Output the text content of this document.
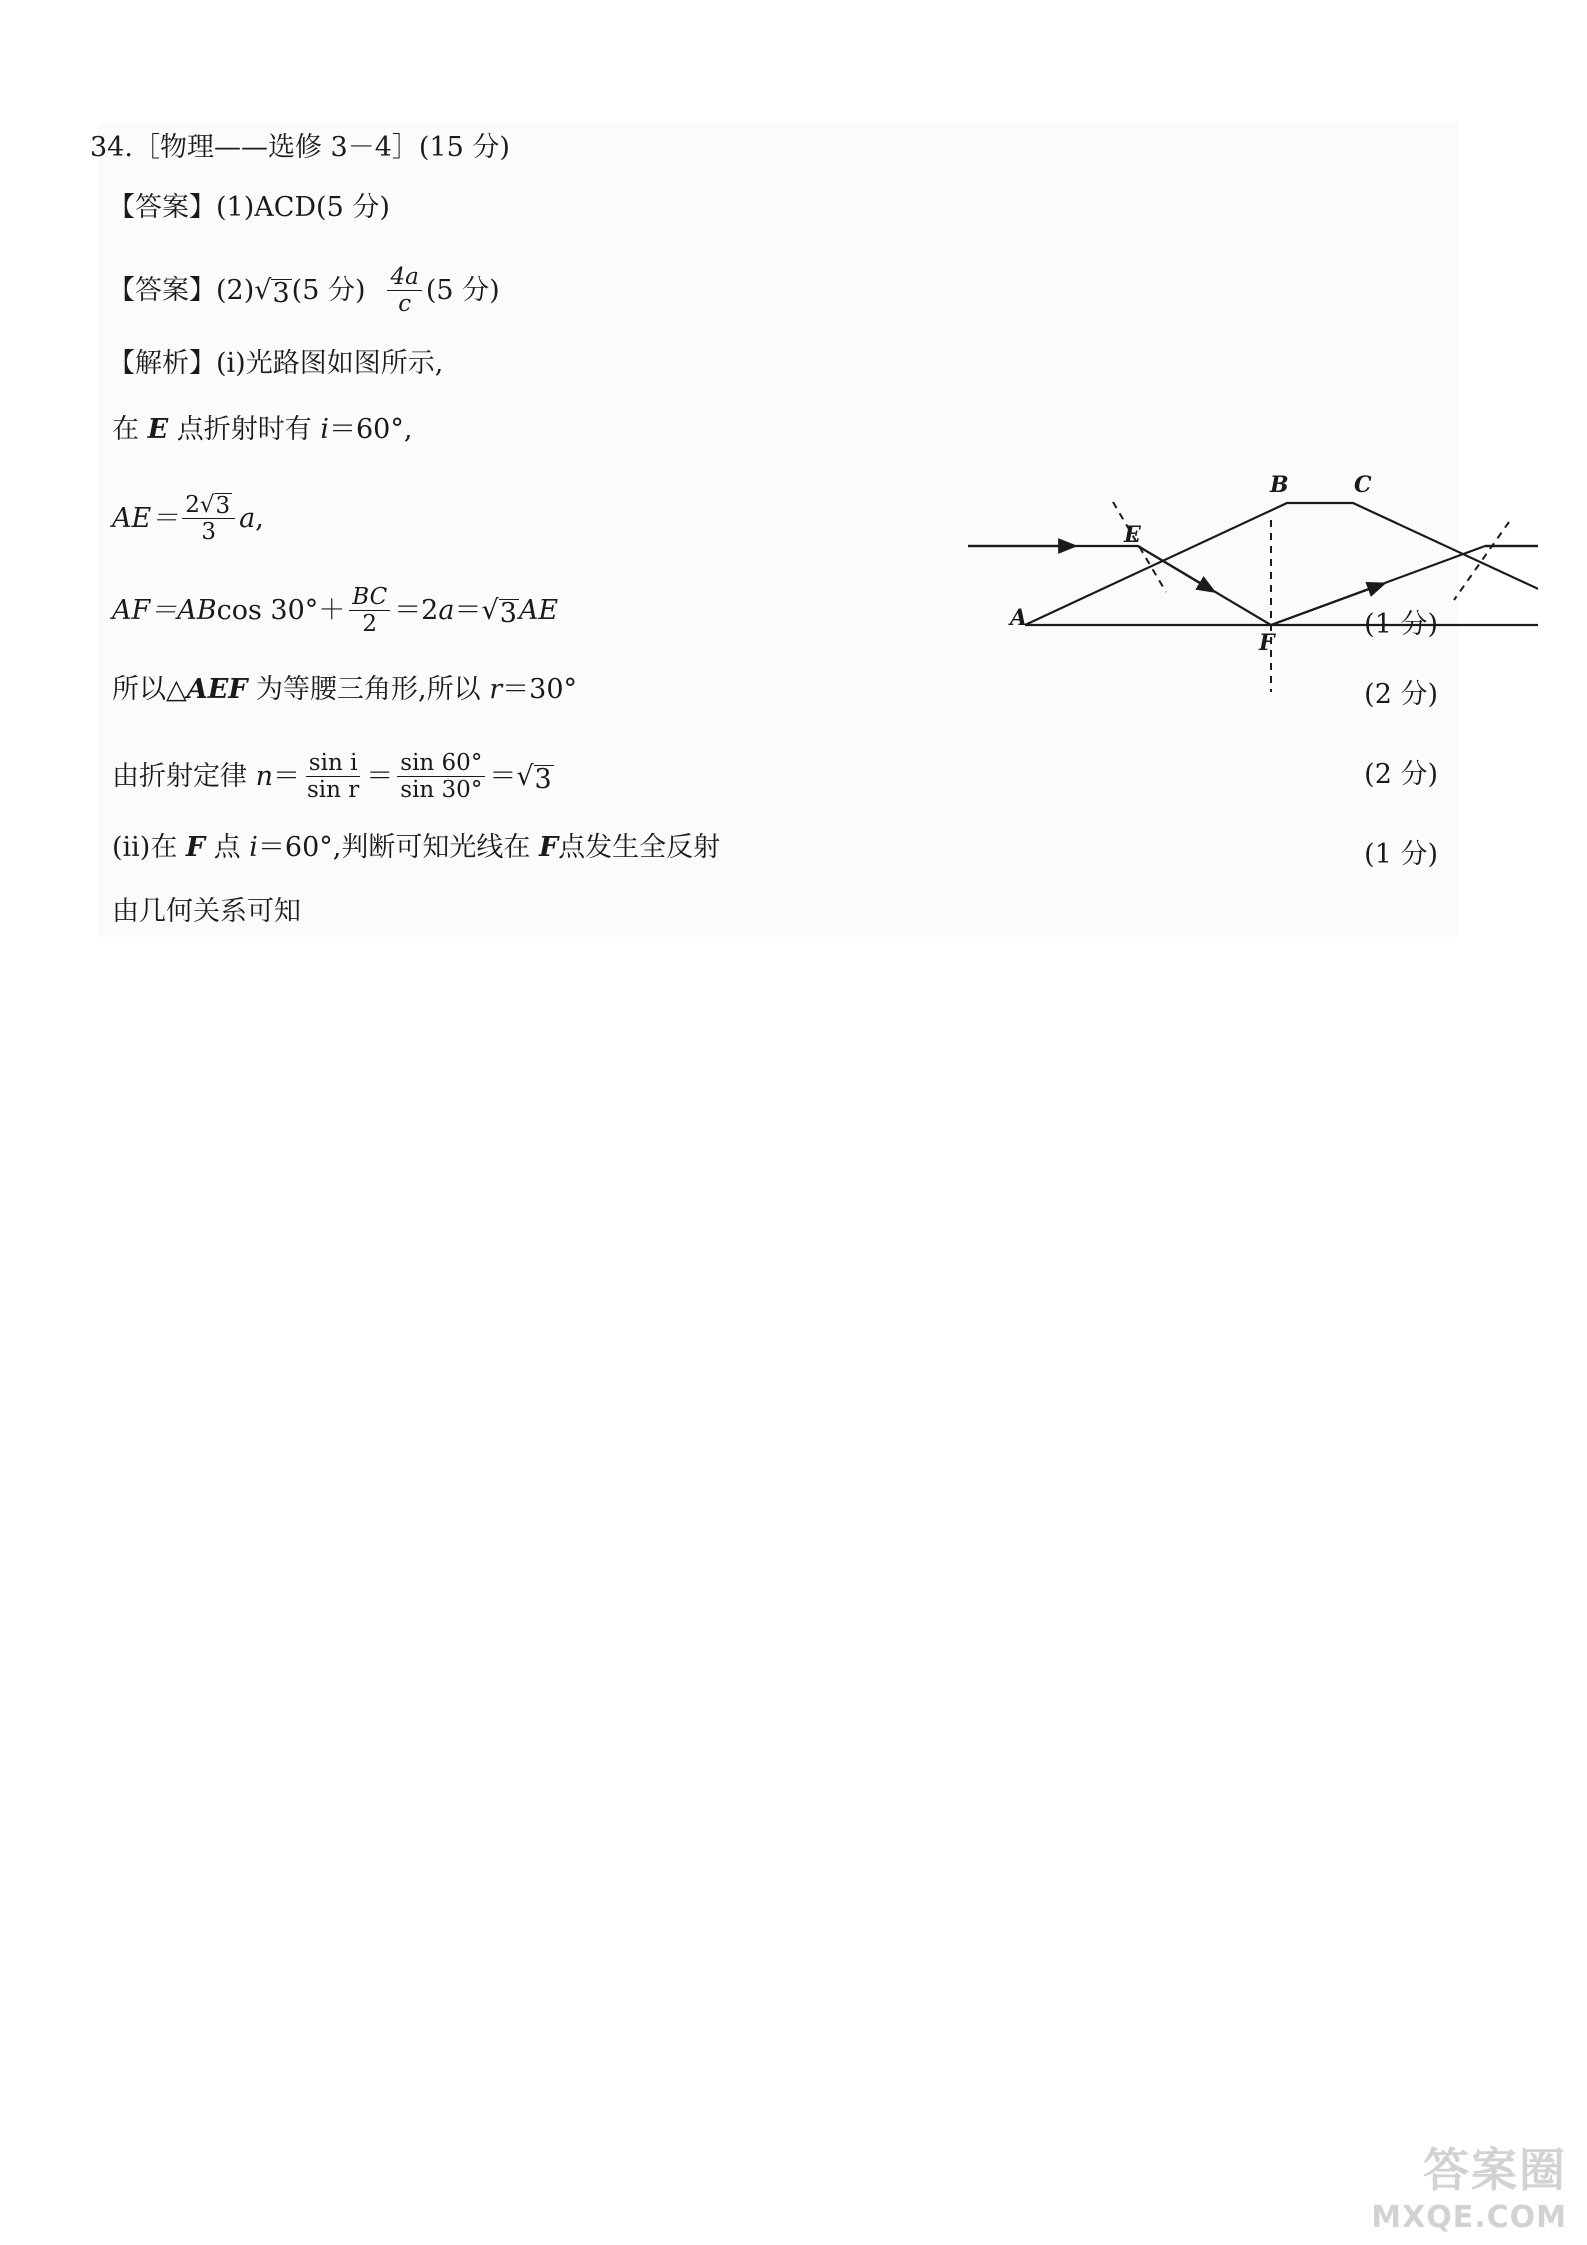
34.［物理——选修 3－4］(15 分)
【答案】(1)ACD(5 分)
【答案】(2) √ 3 (5 分) $\frac{4a}{c} (5$ 分)
【解析】(ⅰ)光路图如图所示,
在 E 点折射时有 i ＝60°,
$AE= \frac{2√ 3}{3}$ a ,
AF＝AB $\cos 30^\circ+ \frac{BC}{2} =2$ a ＝ √ 3 AE	(1 分)
所以△ AEF 为等腰三角形,所以 r ＝30°	(2 分)
由折射定律 $n = \frac{\text{sin i}}{\text{sin r}} = \frac{\sin 60^\circ}{\sin 30^\circ}$ ＝ √ 3	(2 分)
(ii)在 F 点 i ＝60°,判断可知光线在 F 点发生全反射	(1 分)
由几何关系可知
A
B	C
E
F
答案圈
MXQE.COM
